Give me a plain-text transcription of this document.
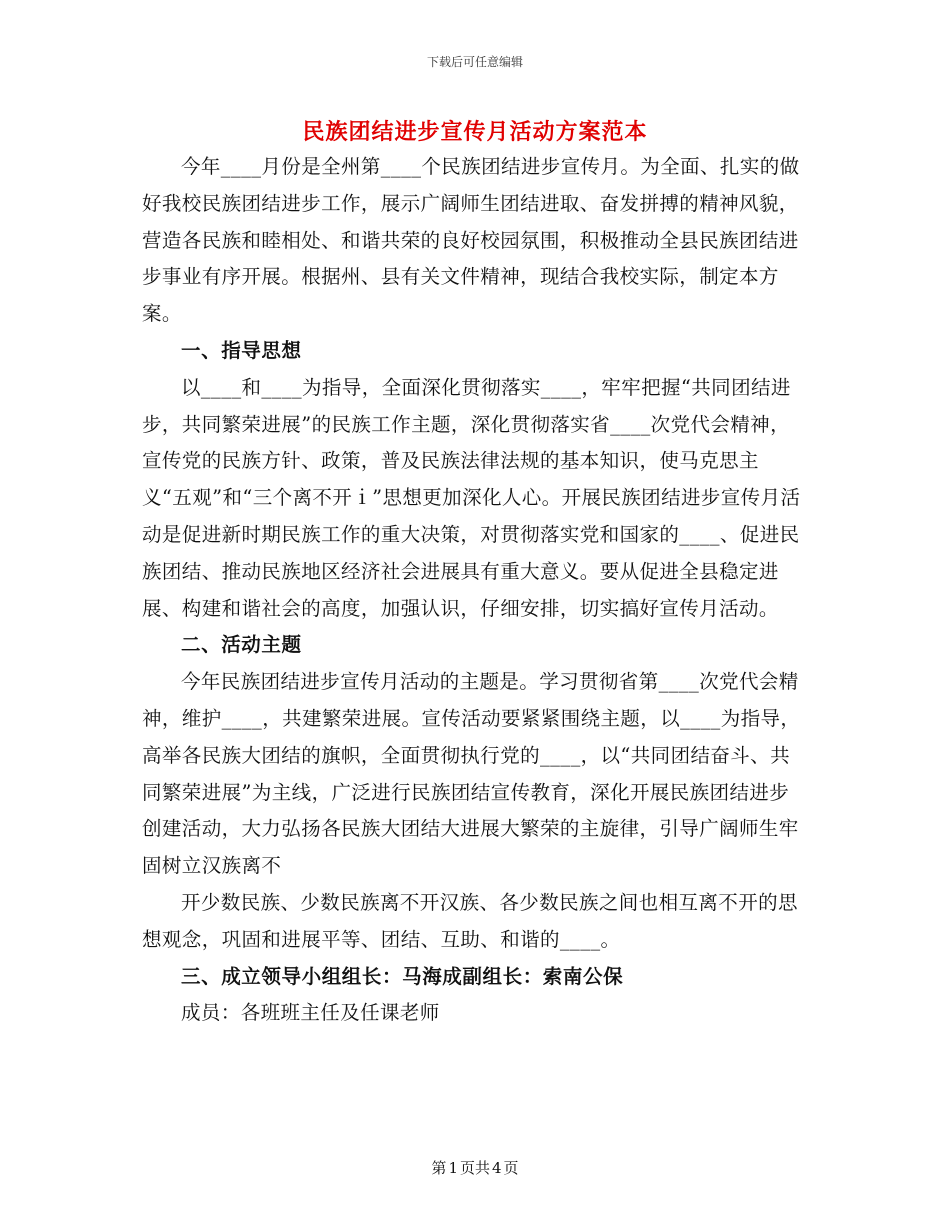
下载后可任意编辑
民族团结进步宣传月活动方案范本

今年____月份是全州第____个民族团结进步宣传月。为全面、扎实的做好我校民族团结进步工作，展示广阔师生团结进取、奋发拼搏的精神风貌，营造各民族和睦相处、和谐共荣的良好校园氛围，积极推动全县民族团结进步事业有序开展。根据州、县有关文件精神，现结合我校实际，制定本方案。

一、指导思想

以____和____为指导，全面深化贯彻落实____，牢牢把握“共同团结进步，共同繁荣进展”的民族工作主题，深化贯彻落实省____次党代会精神，宣传党的民族方针、政策，普及民族法律法规的基本知识，使马克思主义“五观”和“三个离不开ｉ”思想更加深化人心。开展民族团结进步宣传月活动是促进新时期民族工作的重大决策，对贯彻落实党和国家的____、促进民族团结、推动民族地区经济社会进展具有重大意义。要从促进全县稳定进展、构建和谐社会的高度，加强认识，仔细安排，切实搞好宣传月活动。

二、活动主题

今年民族团结进步宣传月活动的主题是。学习贯彻省第____次党代会精神，维护____，共建繁荣进展。宣传活动要紧紧围绕主题，以____为指导，高举各民族大团结的旗帜，全面贯彻执行党的____，以“共同团结奋斗、共同繁荣进展”为主线，广泛进行民族团结宣传教育，深化开展民族团结进步创建活动，大力弘扬各民族大团结大进展大繁荣的主旋律，引导广阔师生牢固树立汉族离不

开少数民族、少数民族离不开汉族、各少数民族之间也相互离不开的思想观念，巩固和进展平等、团结、互助、和谐的____。

三、成立领导小组组长：马海成副组长：索南公保

成员：各班班主任及任课老师

第 1 页共 4 页
